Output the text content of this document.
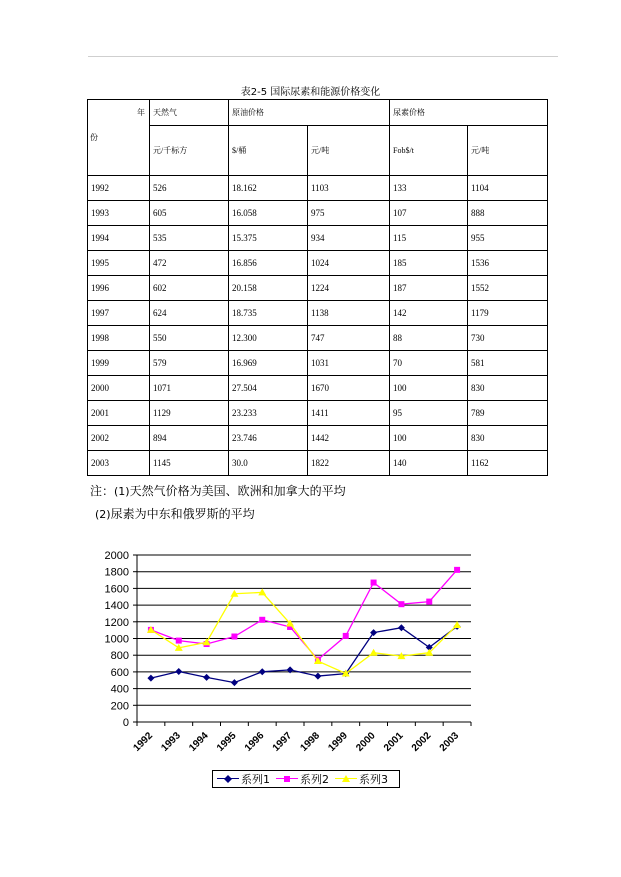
表2-5 国际尿素和能源价格变化
年
份	天然气	原油价格		尿素价格	
	元/千标方	$/桶	元/吨	Fob$/t	元/吨
1992	526	18.162	1103	133	1104
1993	605	16.058	975	107	888
1994	535	15.375	934	115	955
1995	472	16.856	1024	185	1536
1996	602	20.158	1224	187	1552
1997	624	18.735	1138	142	1179
1998	550	12.300	747	88	730
1999	579	16.969	1031	70	581
2000	1071	27.504	1670	100	830
2001	1129	23.233	1411	95	789
2002	894	23.746	1442	100	830
2003	1145	30.0	1822	140	1162
注：(1)天然气价格为美国、欧洲和加拿大的平均
(2)尿素为中东和俄罗斯的平均
0
200
400
600
800
1000
1200
1400
1600
1800
2000
1992 1993 1994 1995 1996 1997 1998 1999 2000 2001 2002 2003
系列1	系列2	系列3
